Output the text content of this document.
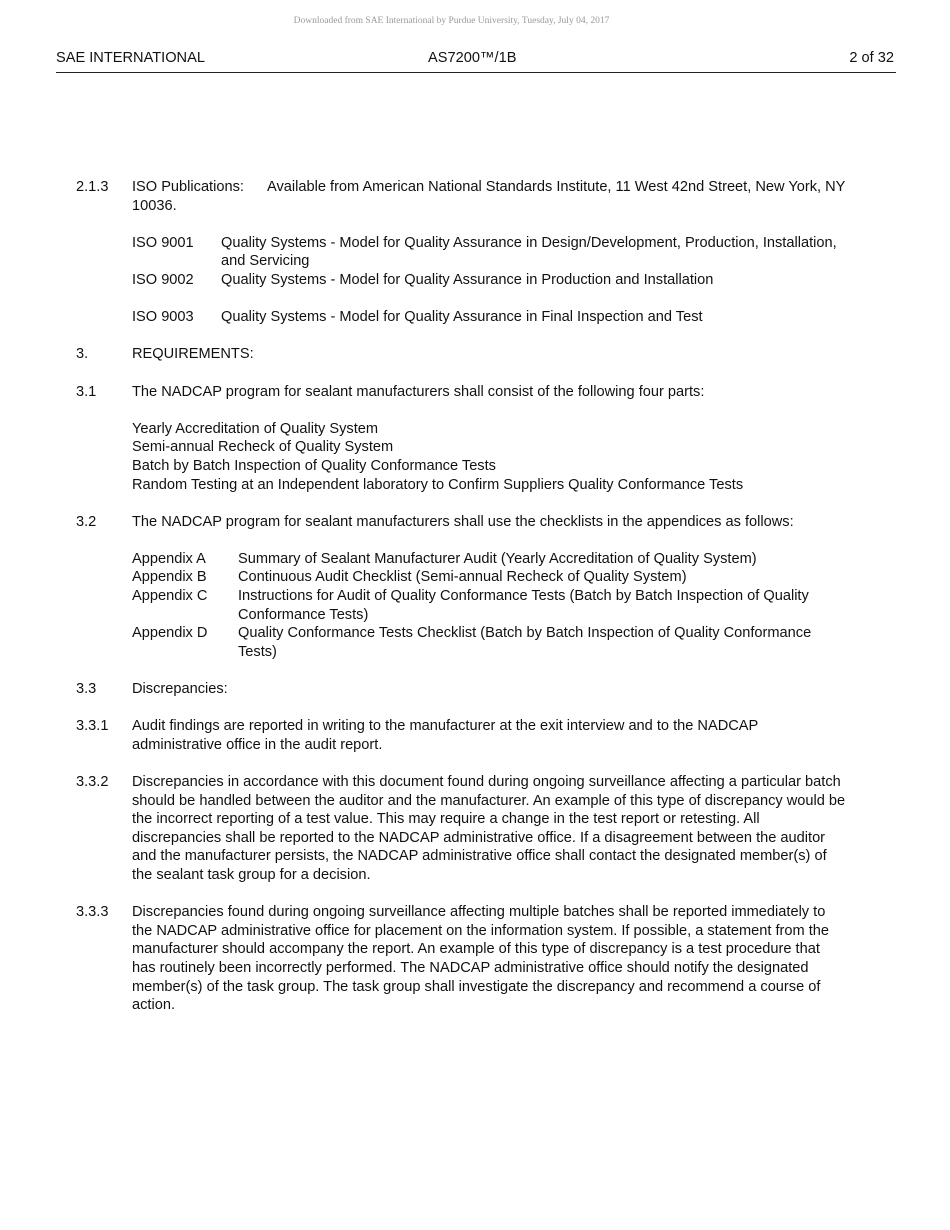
Downloaded from SAE International by Purdue University, Tuesday, July 04, 2017
SAE INTERNATIONAL	AS7200™/1B	2 of 32
2.1.3 ISO Publications: Available from American National Standards Institute, 11 West 42nd Street, New York, NY 10036.
ISO 9001 Quality Systems - Model for Quality Assurance in Design/Development, Production, Installation, and Servicing
ISO 9002 Quality Systems - Model for Quality Assurance in Production and Installation
ISO 9003 Quality Systems - Model for Quality Assurance in Final Inspection and Test
3.	REQUIREMENTS:
3.1 The NADCAP program for sealant manufacturers shall consist of the following four parts:
Yearly Accreditation of Quality System
Semi-annual Recheck of Quality System
Batch by Batch Inspection of Quality Conformance Tests
Random Testing at an Independent laboratory to Confirm Suppliers Quality Conformance Tests
3.2 The NADCAP program for sealant manufacturers shall use the checklists in the appendices as follows:
Appendix A Summary of Sealant Manufacturer Audit (Yearly Accreditation of Quality System)
Appendix B Continuous Audit Checklist (Semi-annual Recheck of Quality System)
Appendix C Instructions for Audit of Quality Conformance Tests (Batch by Batch Inspection of Quality Conformance Tests)
Appendix D Quality Conformance Tests Checklist (Batch by Batch Inspection of Quality Conformance Tests)
3.3 Discrepancies:
3.3.1 Audit findings are reported in writing to the manufacturer at the exit interview and to the NADCAP administrative office in the audit report.
3.3.2 Discrepancies in accordance with this document found during ongoing surveillance affecting a particular batch should be handled between the auditor and the manufacturer. An example of this type of discrepancy would be the incorrect reporting of a test value. This may require a change in the test report or retesting. All discrepancies shall be reported to the NADCAP administrative office. If a disagreement between the auditor and the manufacturer persists, the NADCAP administrative office shall contact the designated member(s) of the sealant task group for a decision.
3.3.3 Discrepancies found during ongoing surveillance affecting multiple batches shall be reported immediately to the NADCAP administrative office for placement on the information system. If possible, a statement from the manufacturer should accompany the report. An example of this type of discrepancy is a test procedure that has routinely been incorrectly performed. The NADCAP administrative office should notify the designated member(s) of the task group. The task group shall investigate the discrepancy and recommend a course of action.
